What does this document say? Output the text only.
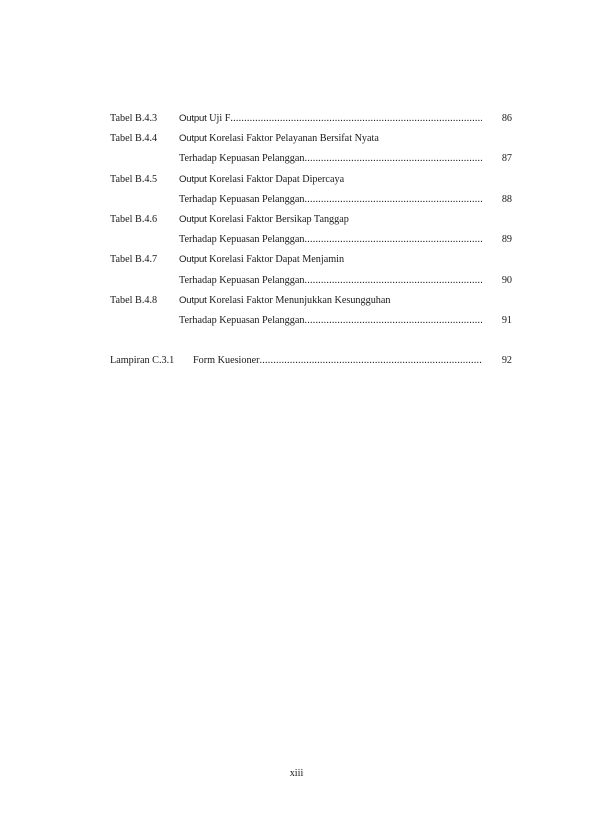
Tabel B.4.3 Output Uji F .....	86
Tabel B.4.4 Output Korelasi Faktor Pelayanan Bersifat Nyata
Terhadap Kepuasan Pelanggan .....	87
Tabel B.4.5 Output Korelasi Faktor Dapat Dipercaya
Terhadap Kepuasan Pelanggan .....	88
Tabel B.4.6 Output Korelasi Faktor Bersikap Tanggap
Terhadap Kepuasan Pelanggan .....	89
Tabel B.4.7 Output Korelasi Faktor Dapat Menjamin
Terhadap Kepuasan Pelanggan .....	90
Tabel B.4.8 Output Korelasi Faktor Menunjukkan Kesungguhan
Terhadap Kepuasan Pelanggan .....	91
Lampiran C.3.1 Form Kuesioner .....	92
xiii
